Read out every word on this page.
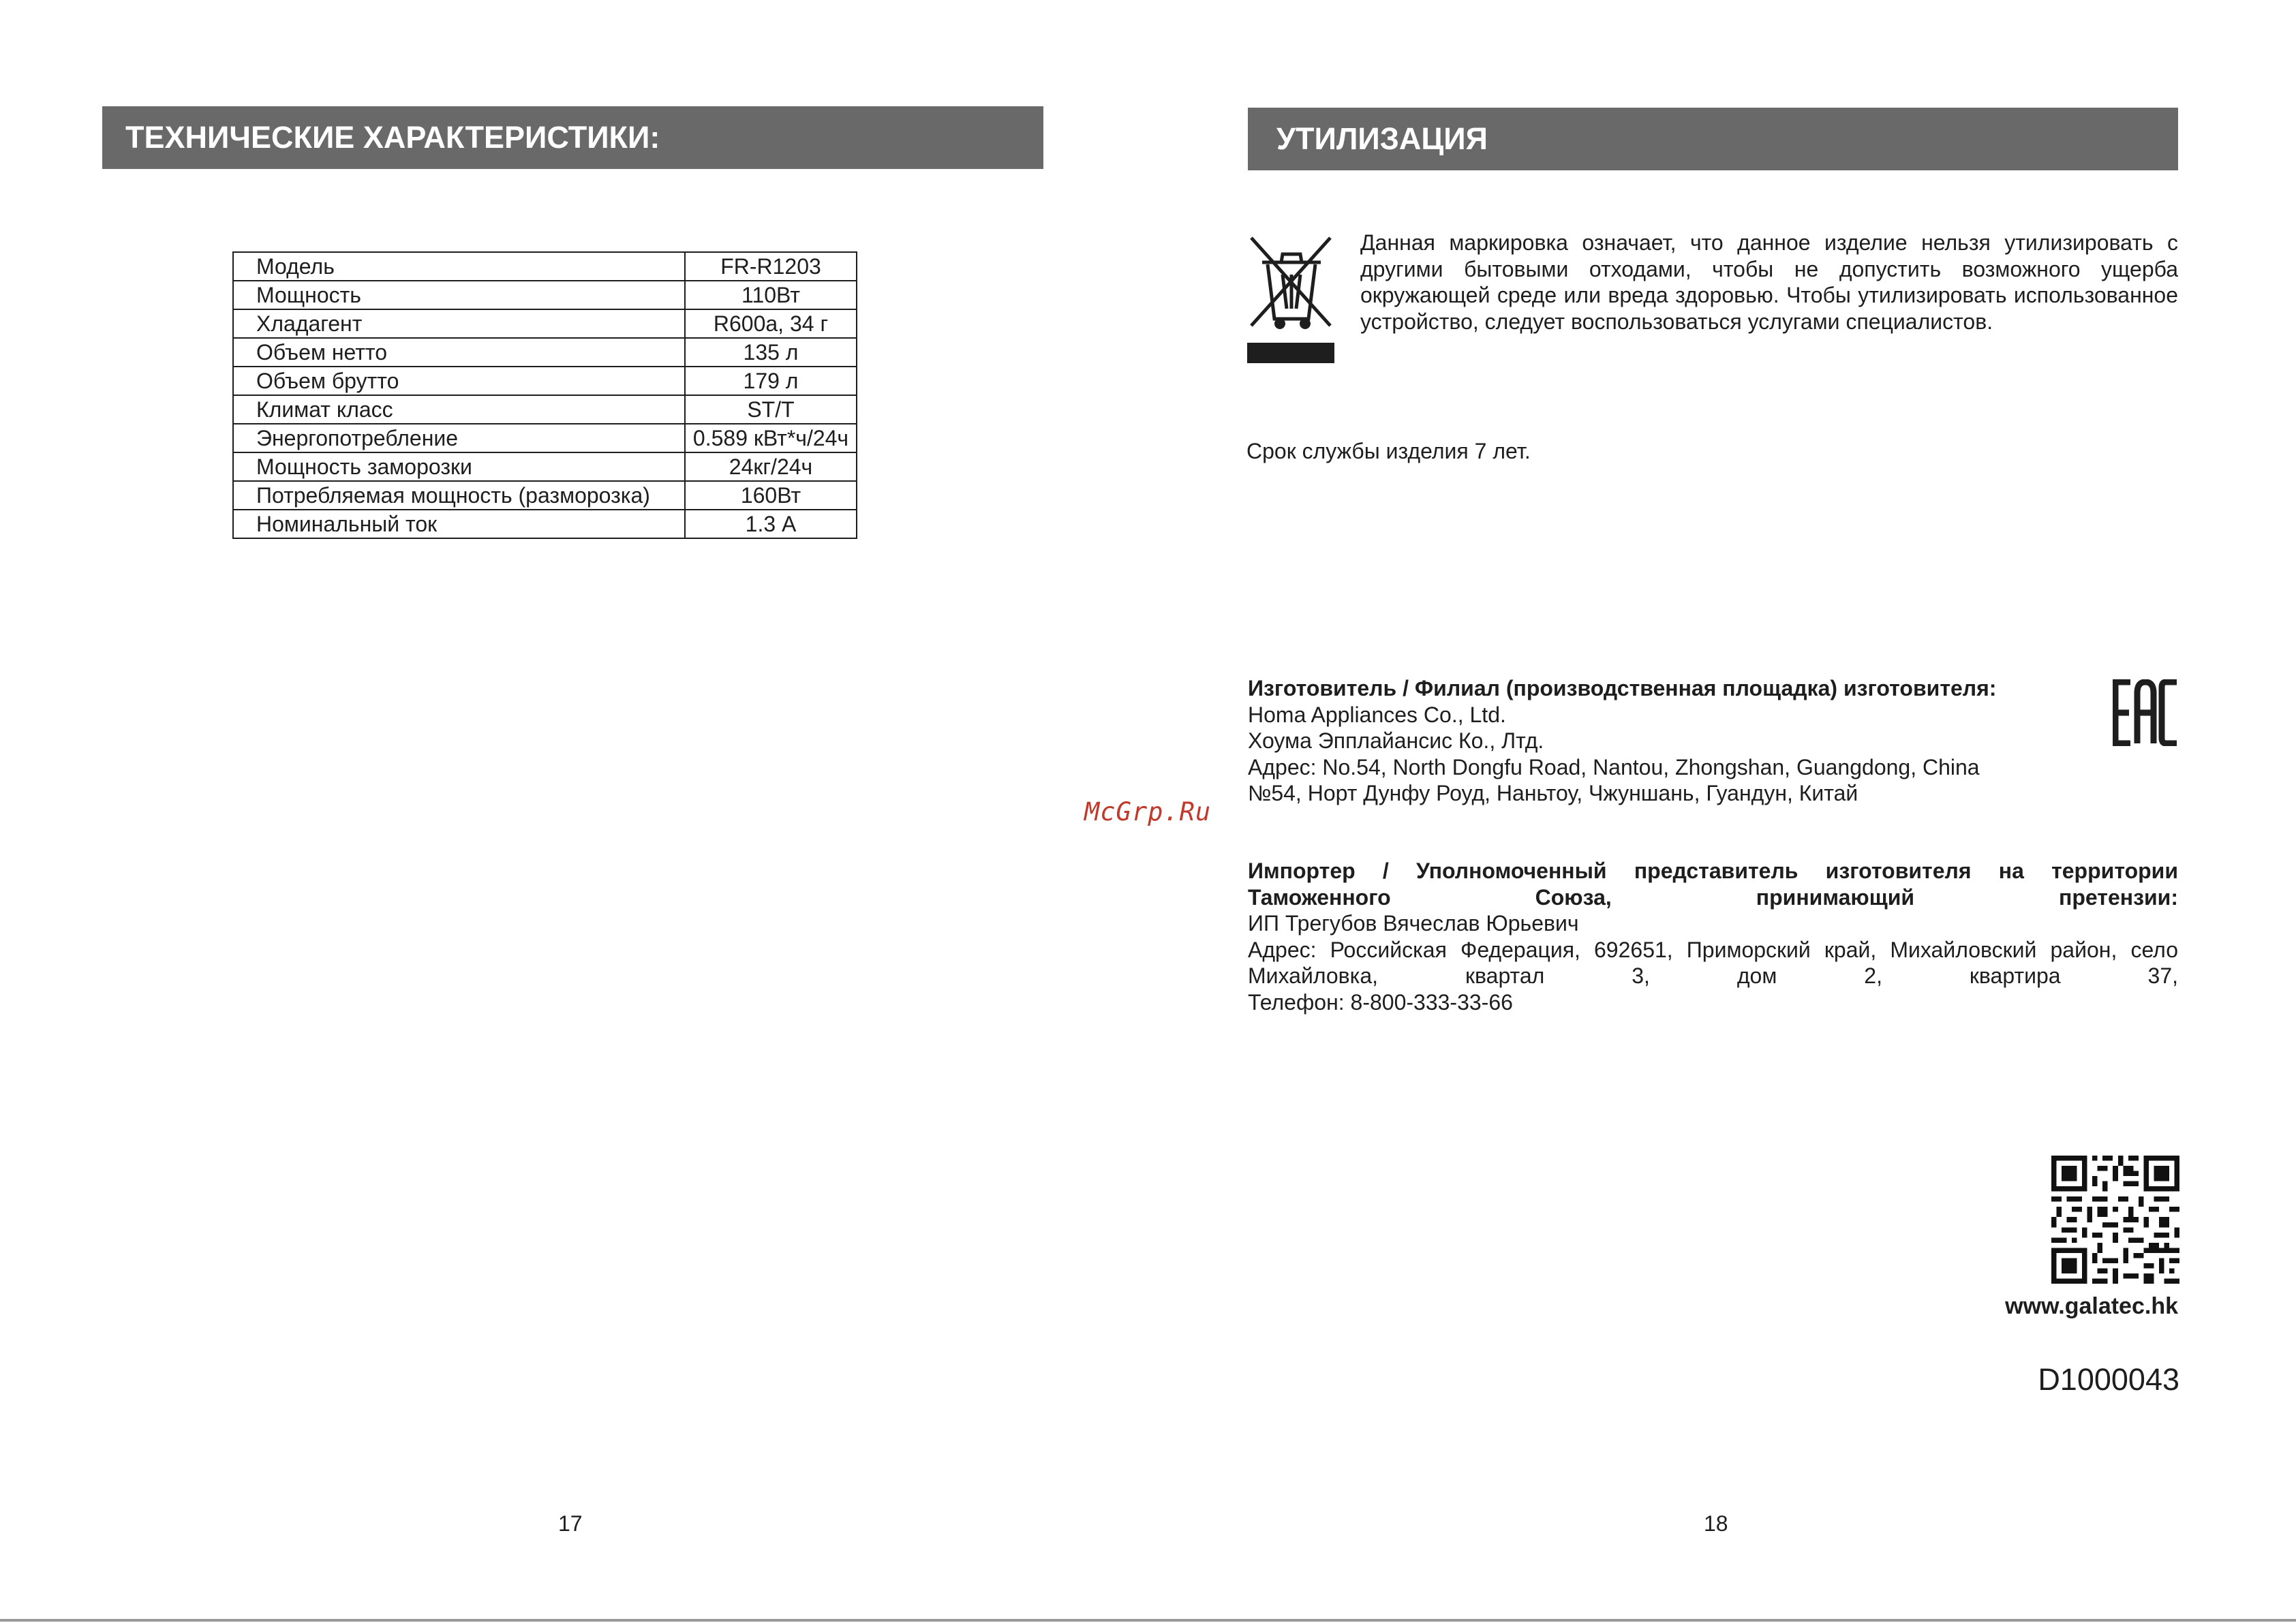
ТЕХНИЧЕСКИЕ ХАРАКТЕРИСТИКИ:
Модель	FR-R1203
Мощность	110Вт
Хладагент	R600a, 34 г
Объем нетто	135 л
Объем брутто	179 л
Климат класс	ST/T
Энергопотребление	0.589 кВт*ч/24ч
Мощность заморозки	24кг/24ч
Потребляемая мощность (разморозка)	160Вт
Номинальный ток	1.3 А
17
УТИЛИЗАЦИЯ
Данная маркировка означает, что данное изделие нельзя утилизировать с другими бытовыми отходами, чтобы не допустить возможного ущерба окружающей среде или вреда здоровью. Чтобы утилизировать использованное устройство, следует воспользоваться услугами специалистов.
Срок службы изделия 7 лет.
Изготовитель / Филиал (производственная площадка) изготовителя:
Homa Appliances Co., Ltd.
Хоума Эпплайансис Ко., Лтд.
Адрес: No.54, North Dongfu Road, Nantou, Zhongshan, Guangdong, China
№54, Норт Дунфу Роуд, Наньтоу, Чжуншань, Гуандун, Китай
McGrp.Ru
Импортер / Уполномоченный представитель изготовителя на территории Таможенного Союза, принимающий претензии:
ИП Трегубов Вячеслав Юрьевич
Адрес: Российская Федерация, 692651, Приморский край, Михайловский район, село Михайловка, квартал 3, дом 2, квартира 37,
Телефон: 8-800-333-33-66
www.galatec.hk
D1000043
18
